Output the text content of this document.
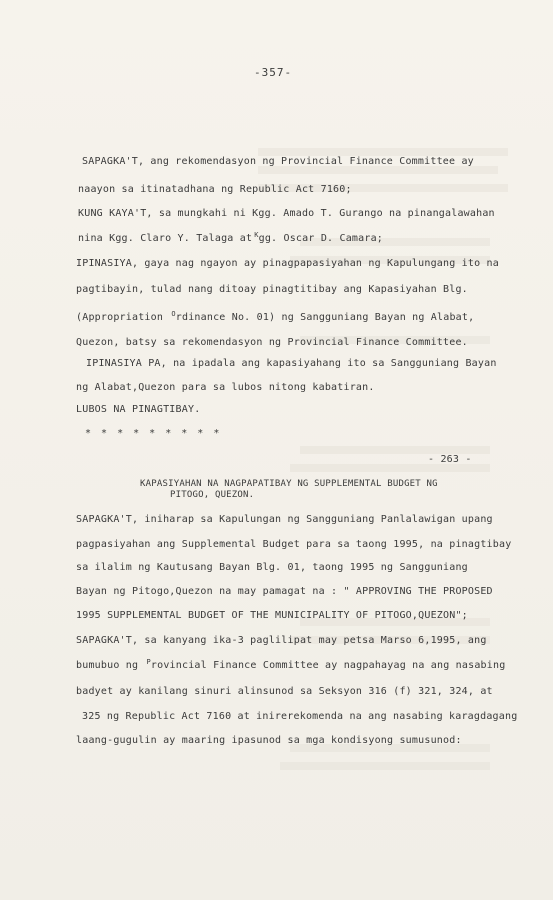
-357-
SAPAGKA'T, ang rekomendasyon ng Provincial Finance Committee ay
naayon sa itinatadhana ng Republic Act 7160;
KUNG KAYA'T, sa mungkahi ni Kgg. Amado T. Gurango na pinangalawahan
nina Kgg. Claro Y. Talaga at $^K$gg. Oscar D. Camara;
IPINASIYA, gaya nag ngayon ay pinagpapasiyahan ng Kapulungang ito na
pagtibayin, tulad nang ditoay pinagtitibay ang Kapasiyahan Blg.
(Appropriation $^O$rdinance No. 01) ng Sangguniang Bayan ng Alabat,
Quezon, batsy sa rekomendasyon ng Provincial Finance Committee.
IPINASIYA PA, na ipadala ang kapasiyahang ito sa Sangguniang Bayan
ng Alabat,Quezon para sa lubos nitong kabatiran.
LUBOS NA PINAGTIBAY.
* * * * * * * * *
- 263 -
KAPASIYAHAN NA NAGPAPATIBAY NG SUPPLEMENTAL BUDGET NG
PITOGO, QUEZON.
SAPAGKA'T, iniharap sa Kapulungan ng Sangguniang Panlalawigan upang
pagpasiyahan ang Supplemental Budget para sa taong 1995, na pinagtibay
sa ilalim ng Kautusang Bayan Blg. 01, taong 1995 ng Sangguniang
Bayan ng Pitogo,Quezon na may pamagat na : " APPROVING THE PROPOSED
1995 SUPPLEMENTAL BUDGET OF THE MUNICIPALITY OF PITOGO,QUEZON";
SAPAGKA'T, sa kanyang ika-3 paglilipat may petsa Marso 6,1995, ang
bumubuo ng $^P$rovincial Finance Committee ay nagpahayag na ang nasabing
badyet ay kanilang sinuri alinsunod sa Seksyon 316 (f) 321, 324, at
325 ng Republic Act 7160 at inirerekomenda na ang nasabing karagdagang
laang-gugulin ay maaring ipasunod sa mga kondisyong sumusunod:
